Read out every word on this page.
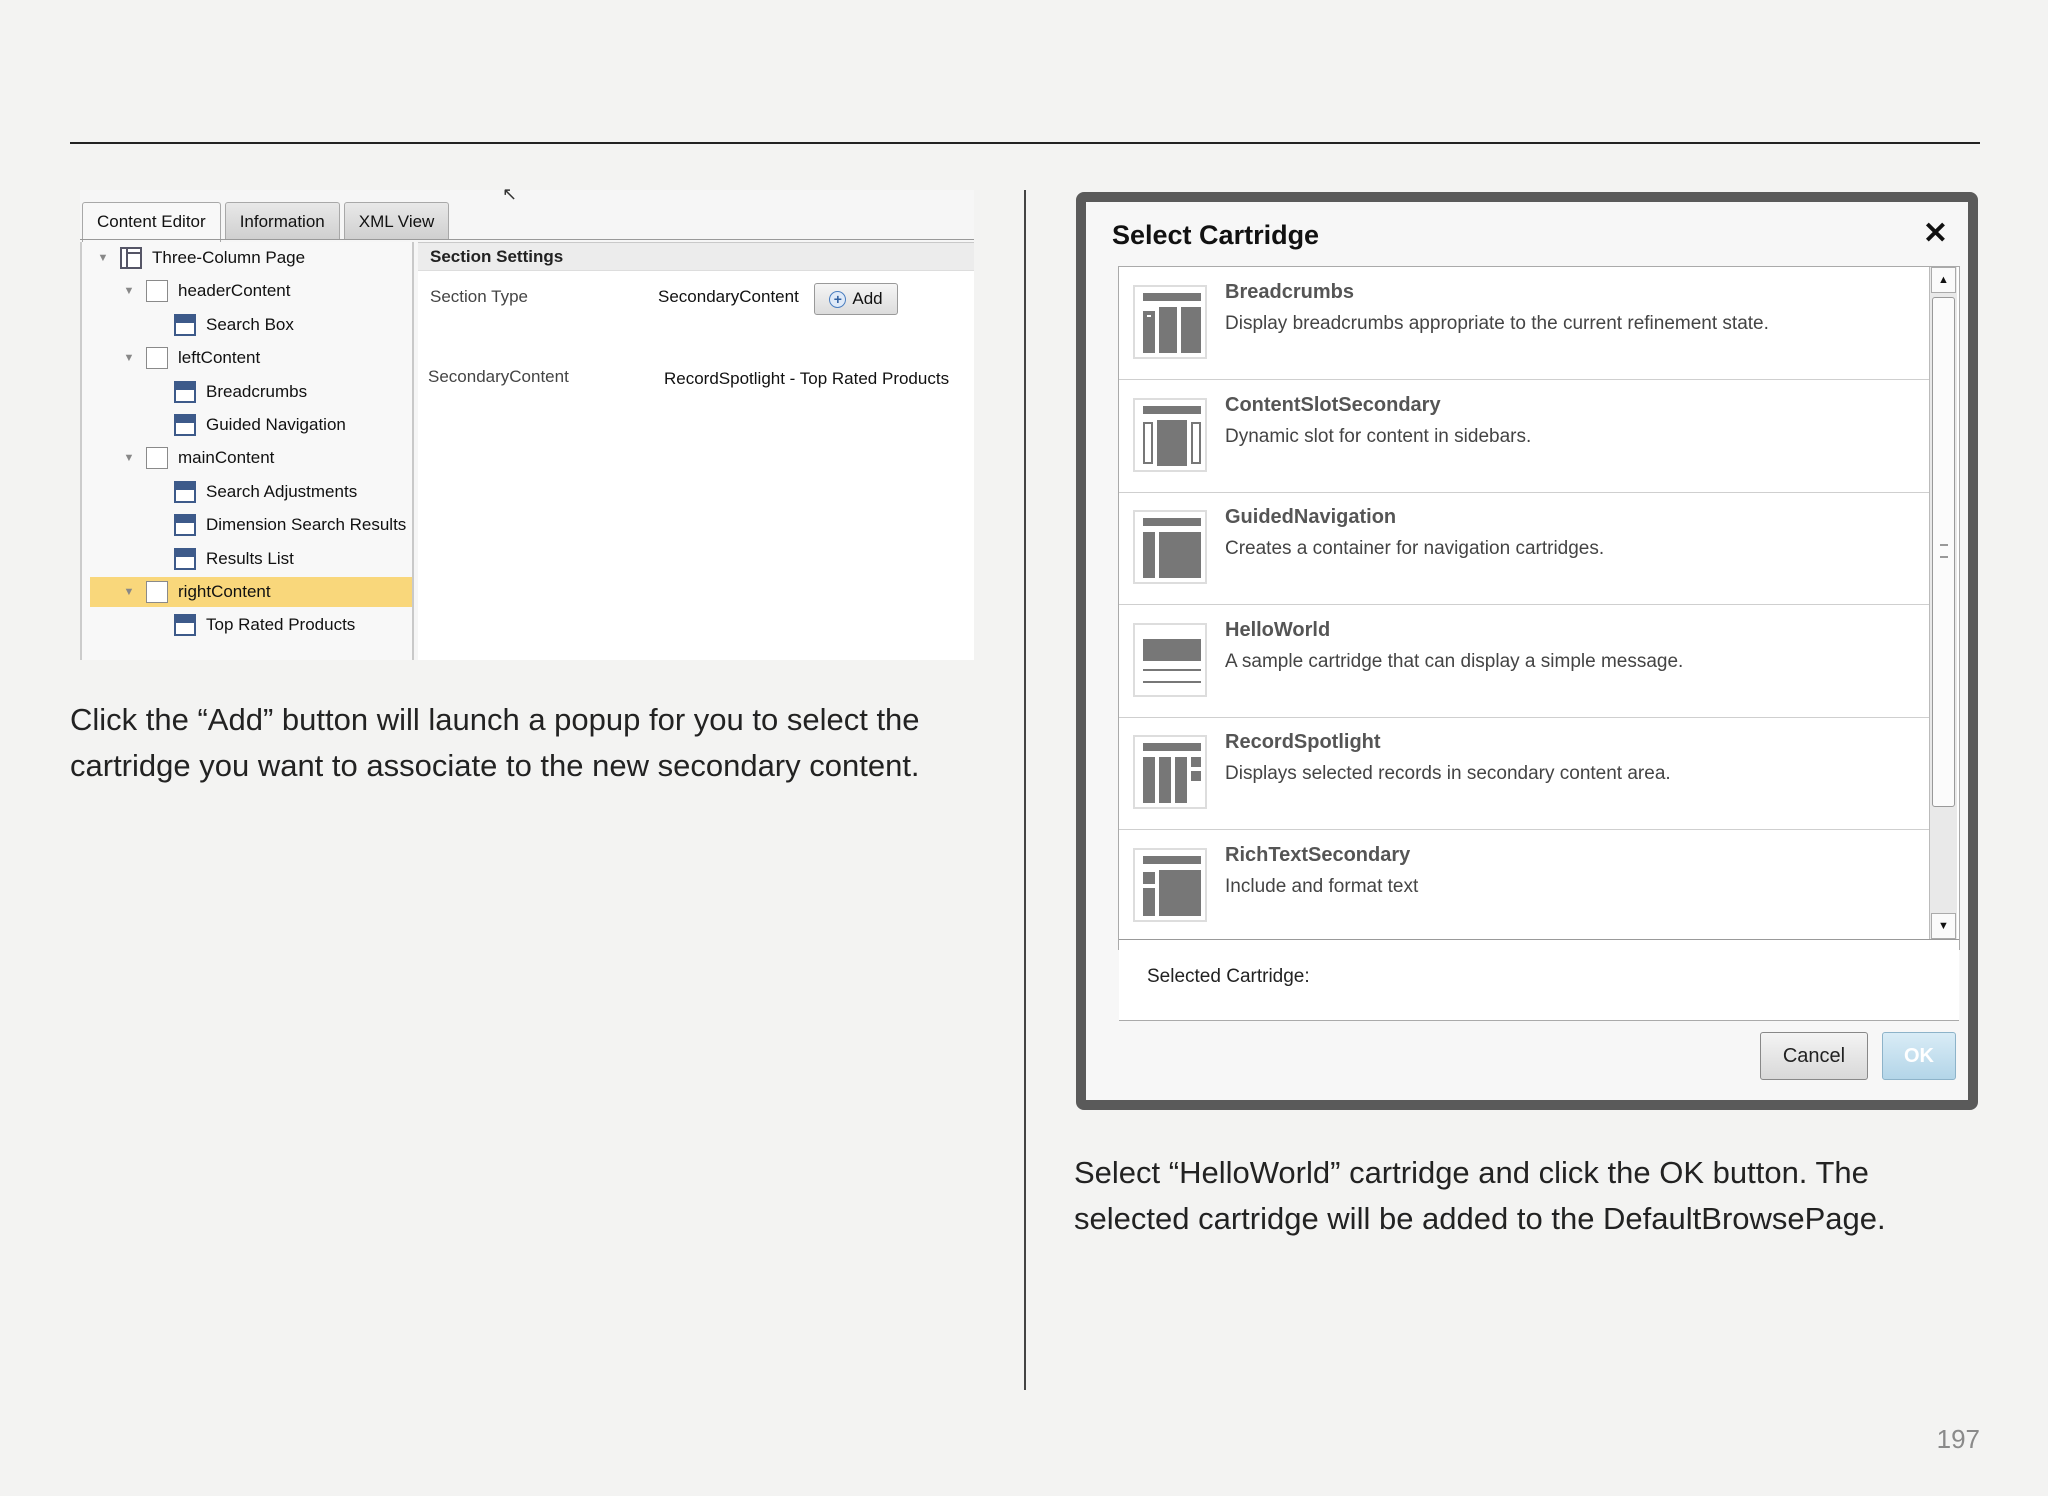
Content Editor	Information	XML View
▼	Three-Column Page
▼	headerContent
Search Box
▼	leftContent
Breadcrumbs
Guided Navigation
▼	mainContent
Search Adjustments
Dimension Search Results
Results List
▼	rightContent
Top Rated Products
Section Settings
Section Type	SecondaryContent	+ Add
SecondaryContent	RecordSpotlight - Top Rated Products
↖
Click the “Add” button will launch a popup for you to select the
cartridge you want to associate to the new secondary content.
Select Cartridge	✕
Breadcrumbs
Display breadcrumbs appropriate to the current refinement state.
ContentSlotSecondary
Dynamic slot for content in sidebars.
GuidedNavigation
Creates a container for navigation cartridges.
HelloWorld
A sample cartridge that can display a simple message.
RecordSpotlight
Displays selected records in secondary content area.
RichTextSecondary
Include and format text
▲
▼
Selected Cartridge:
Cancel	OK
Select “HelloWorld” cartridge and click the OK button. The
selected cartridge will be added to the DefaultBrowsePage.
197
